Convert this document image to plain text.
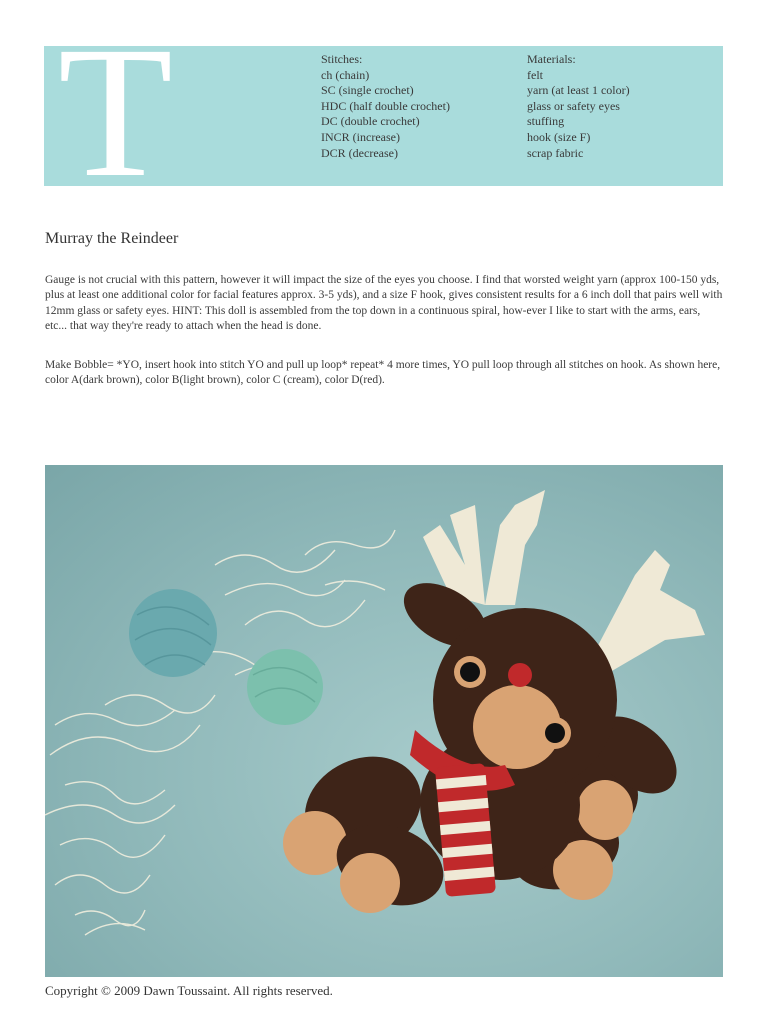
T	Stitches:
ch (chain)
SC (single crochet)
HDC (half double crochet)
DC (double crochet)
INCR (increase)
DCR (decrease)
Materials:
felt
yarn (at least 1 color)
glass or safety eyes
stuffing
hook (size F)
scrap fabric
Murray the Reindeer

Gauge is not crucial with this pattern, however it will impact the size of the eyes you choose. I find that worsted weight yarn (approx 100-150 yds, plus at least one additional color for facial features approx. 3-5 yds), and a size F hook, gives consistent results for a 6 inch doll that pairs well with 12mm glass or safety eyes. HINT: This doll is assembled from the top down in a continuous spiral, how-ever I like to start with the arms, ears, etc... that way they're ready to attach when the head is done.

Make Bobble= *YO, insert hook into stitch YO and pull up loop* repeat* 4 more times, YO pull loop through all stitches on hook. As shown here, color A(dark brown), color B(light brown), color C (cream), color D(red).

Copyright © 2009 Dawn Toussaint. All rights reserved.
